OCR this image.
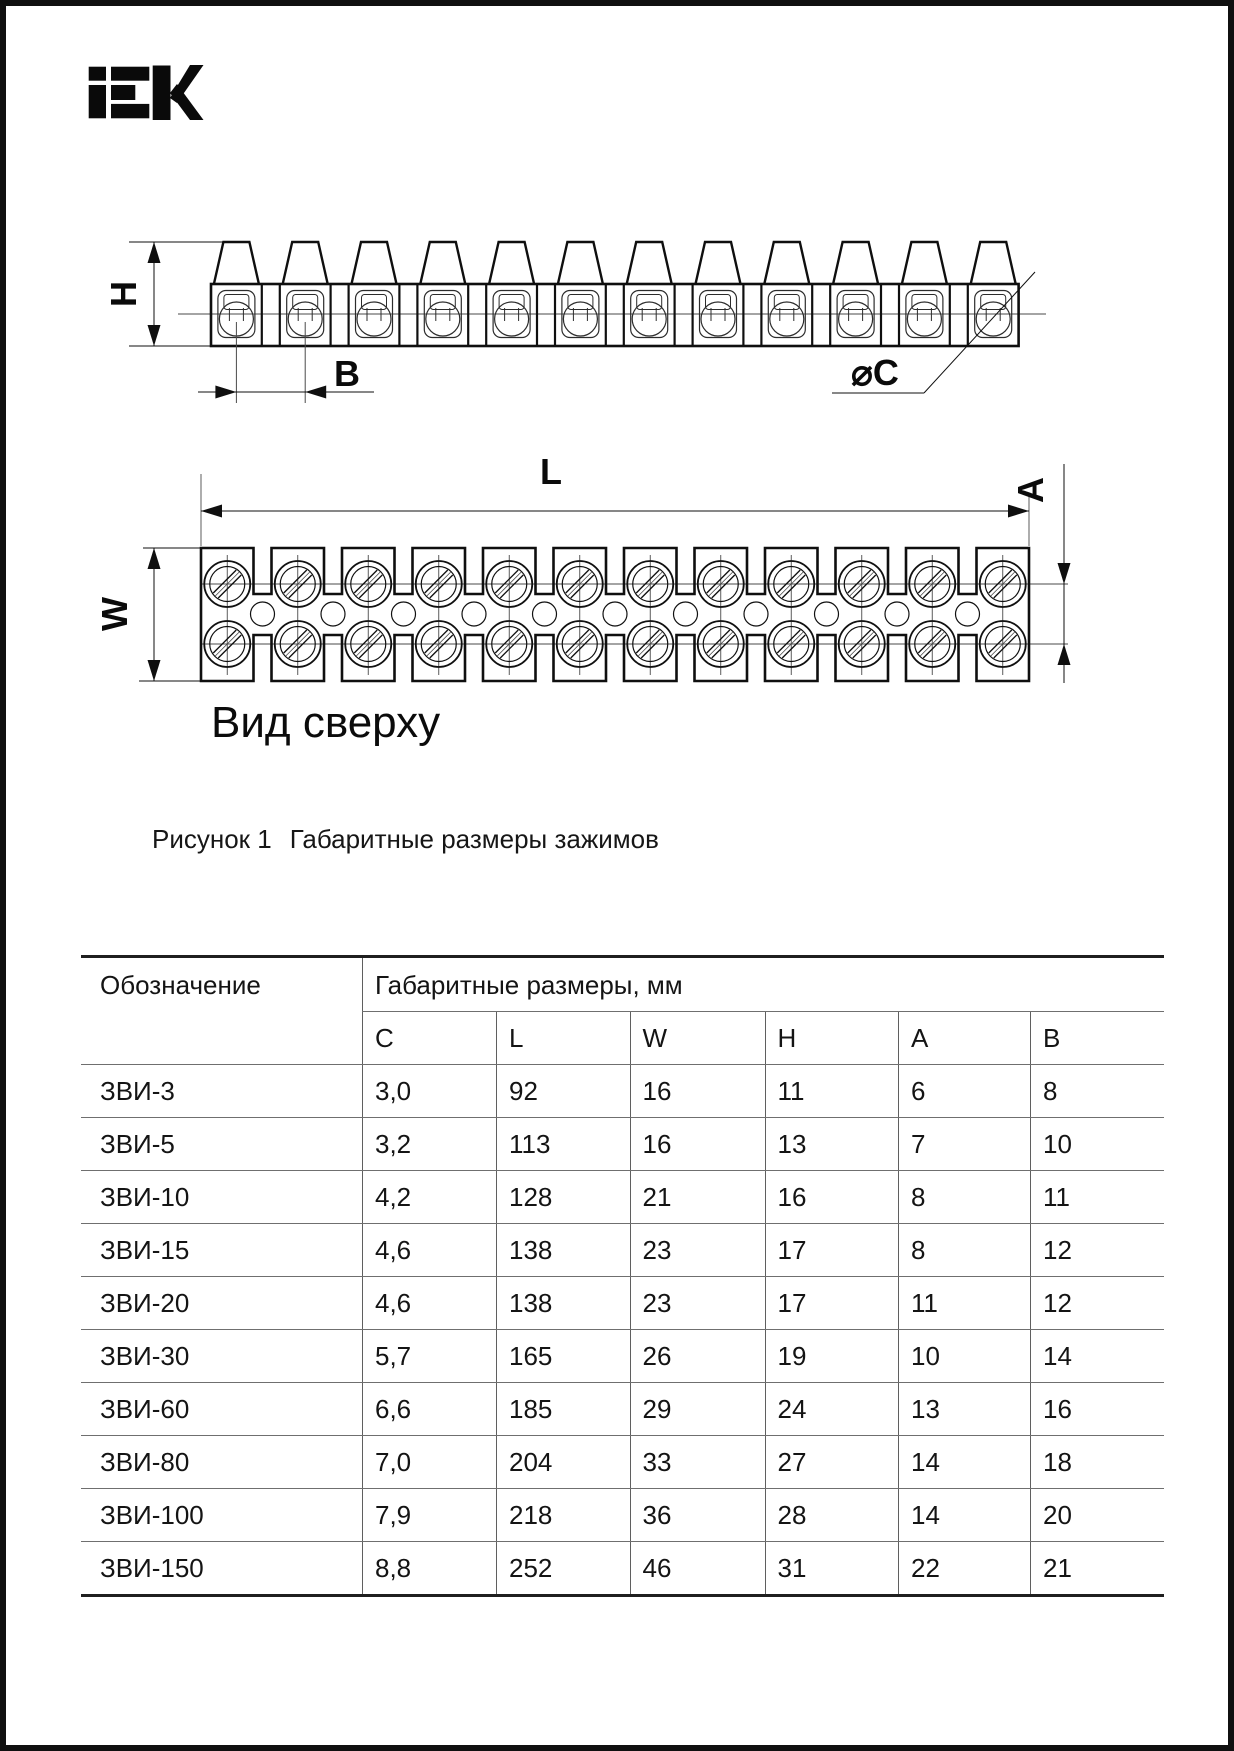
H
B	⌀C
L
W
A
Вид сверху
Рисунок 1 Габаритные размеры зажимов
Обозначение	Габаритные размеры, мм
C	L	W	H	A	B
ЗВИ-3	3,0	92	16	11	6	8
ЗВИ-5	3,2	113	16	13	7	10
ЗВИ-10	4,2	128	21	16	8	11
ЗВИ-15	4,6	138	23	17	8	12
ЗВИ-20	4,6	138	23	17	11	12
ЗВИ-30	5,7	165	26	19	10	14
ЗВИ-60	6,6	185	29	24	13	16
ЗВИ-80	7,0	204	33	27	14	18
ЗВИ-100	7,9	218	36	28	14	20
ЗВИ-150	8,8	252	46	31	22	21
